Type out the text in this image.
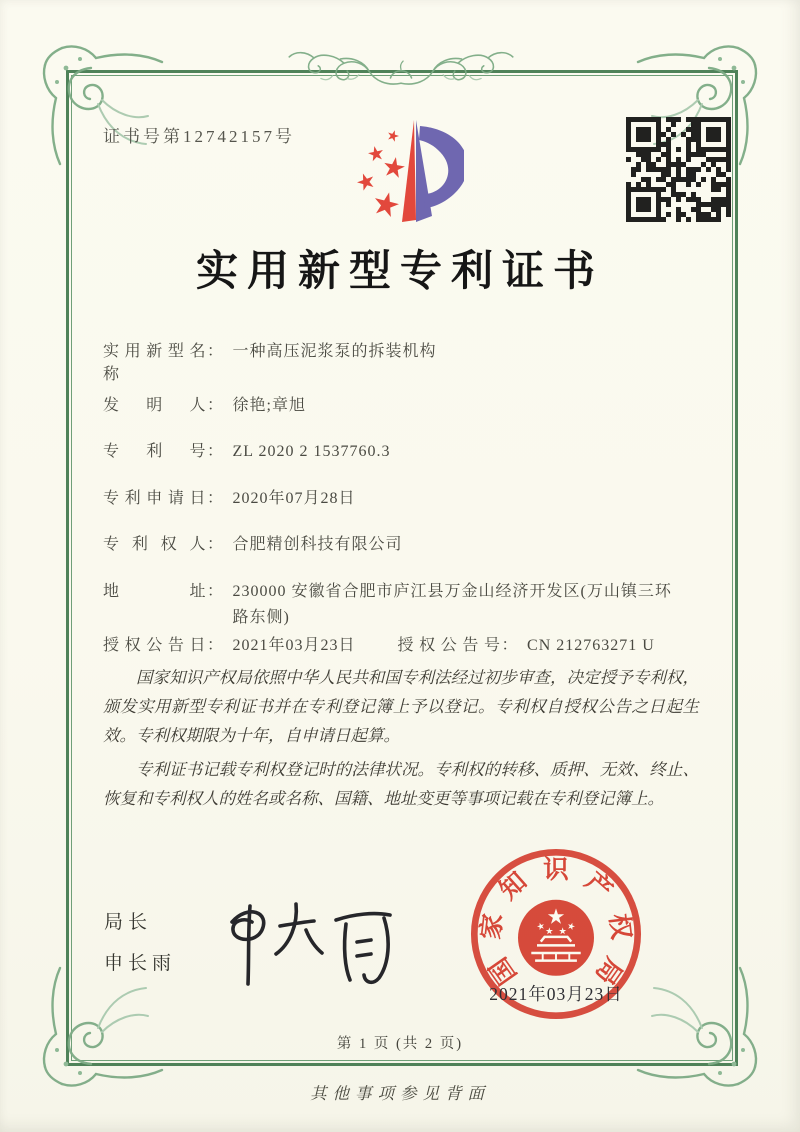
证书号第12742157号
实用新型专利证书
实用新型名称
： 一种高压泥浆泵的拆装机构
发明人 ： 徐艳;章旭
专利号 ： ZL 2020 2 1537760.3
专利申请日 ： 2020年07月28日
专利权人 ： 合肥精创科技有限公司
地址 ： 230000 安徽省合肥市庐江县万金山经济开发区(万山镇三环路东侧)
授权公告日 ： 2021年03月23日	授权公告号 ： CN 212763271 U

国家知识产权局依照中华人民共和国专利法经过初步审查，决定授予专利权，颁发实用新型专利证书并在专利登记簿上予以登记。专利权自授权公告之日起生效。专利权期限为十年，自申请日起算。

专利证书记载专利权登记时的法律状况。专利权的转移、质押、无效、终止、恢复和专利权人的姓名或名称、国籍、地址变更等事项记载在专利登记簿上。

局长
申长雨	国
家
知 识 产
权
局
2021年03月23日
第 1 页 (共 2 页)
其他事项参见背面
